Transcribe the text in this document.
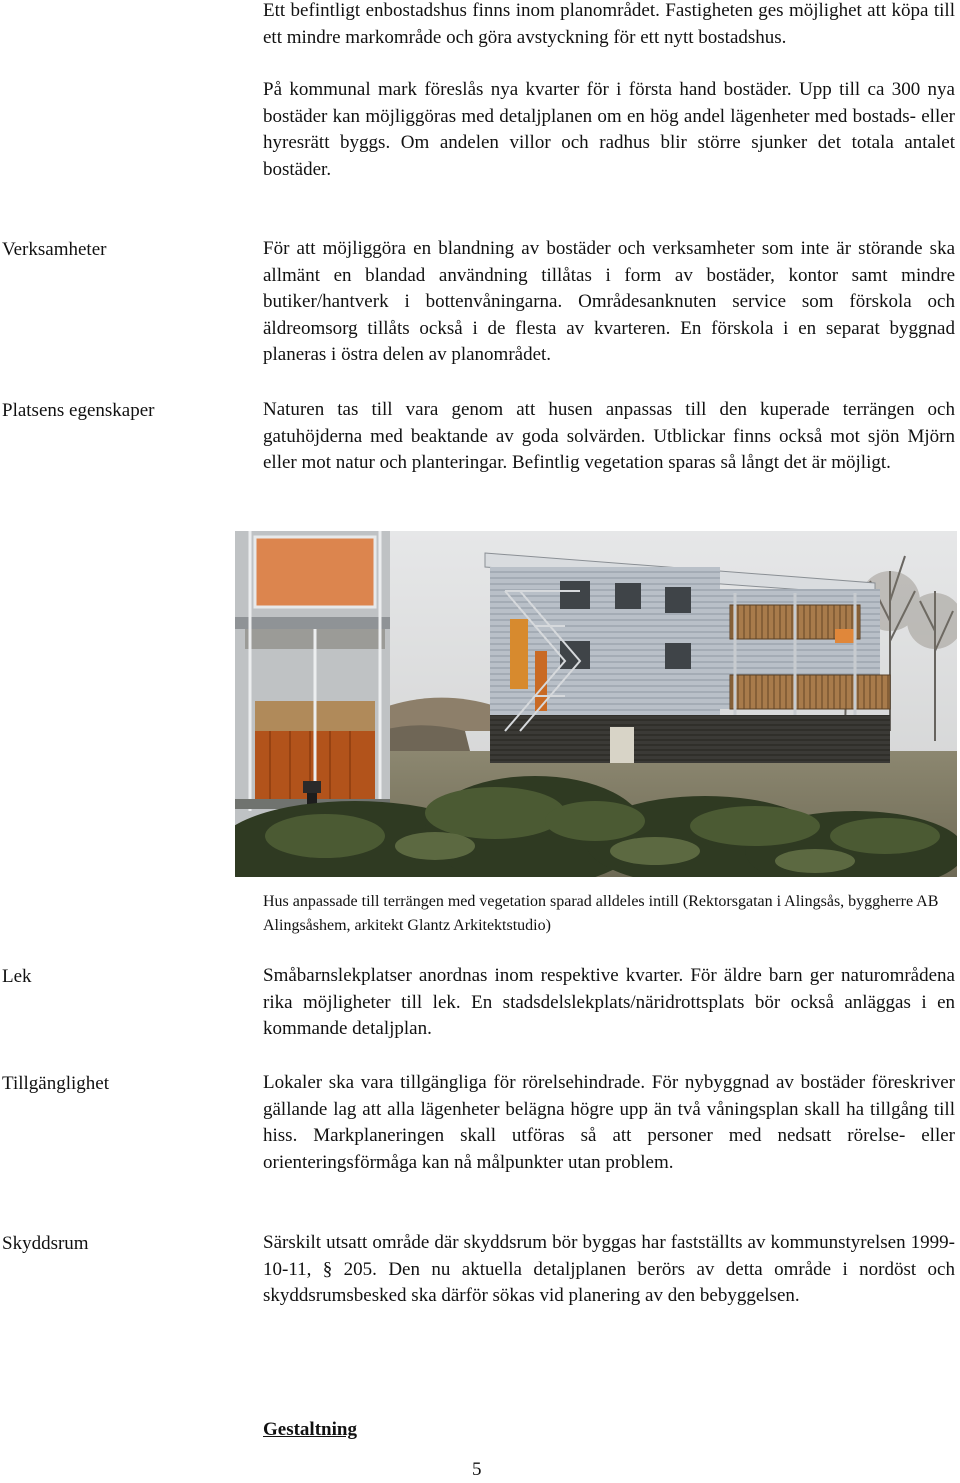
Ett befintligt enbostadshus finns inom planområdet. Fastigheten ges möjlighet att köpa till ett mindre markområde och göra avstyckning för ett nytt bostadshus.

På kommunal mark föreslås nya kvarter för i första hand bostäder. Upp till ca 300 nya bostäder kan möjliggöras med detaljplanen om en hög andel lägenheter med bostads- eller hyresrätt byggs. Om andelen villor och radhus blir större sjunker det totala antalet bostäder.

Verksamheter	För att möjliggöra en blandning av bostäder och verksamheter som inte är störande ska allmänt en blandad användning tillåtas i form av bostäder, kontor samt mindre butiker/hantverk i bottenvåningarna. Områdesanknuten service som förskola och äldreomsorg tillåts också i de flesta av kvarteren. En förskola i en separat byggnad planeras i östra delen av planområdet.

Platsens egenskaper	Naturen tas till vara genom att husen anpassas till den kuperade terrängen och gatuhöjderna med beaktande av goda solvärden. Utblickar finns också mot sjön Mjörn eller mot natur och planteringar. Befintlig vegetation sparas så långt det är möjligt.

Hus anpassade till terrängen med vegetation sparad alldeles intill (Rektorsgatan i Alingsås, byggherre AB Alingsåshem, arkitekt Glantz Arkitektstudio)
Lek	Småbarnslekplatser anordnas inom respektive kvarter. För äldre barn ger naturområdena rika möjligheter till lek. En stadsdelslekplats/näridrottsplats bör också anläggas i en kommande detaljplan.

Tillgänglighet	Lokaler ska vara tillgängliga för rörelsehindrade. För nybyggnad av bostäder föreskriver gällande lag att alla lägenheter belägna högre upp än två våningsplan skall ha tillgång till hiss. Markplaneringen skall utföras så att personer med nedsatt rörelse- eller orienteringsförmåga kan nå målpunkter utan problem.

Skyddsrum	Särskilt utsatt område där skyddsrum bör byggas har fastställts av kommunstyrelsen 1999-10-11, § 205. Den nu aktuella detaljplanen berörs av detta område i nordöst och skyddsrumsbesked ska därför sökas vid planering av den bebyggelsen.

Gestaltning
5
